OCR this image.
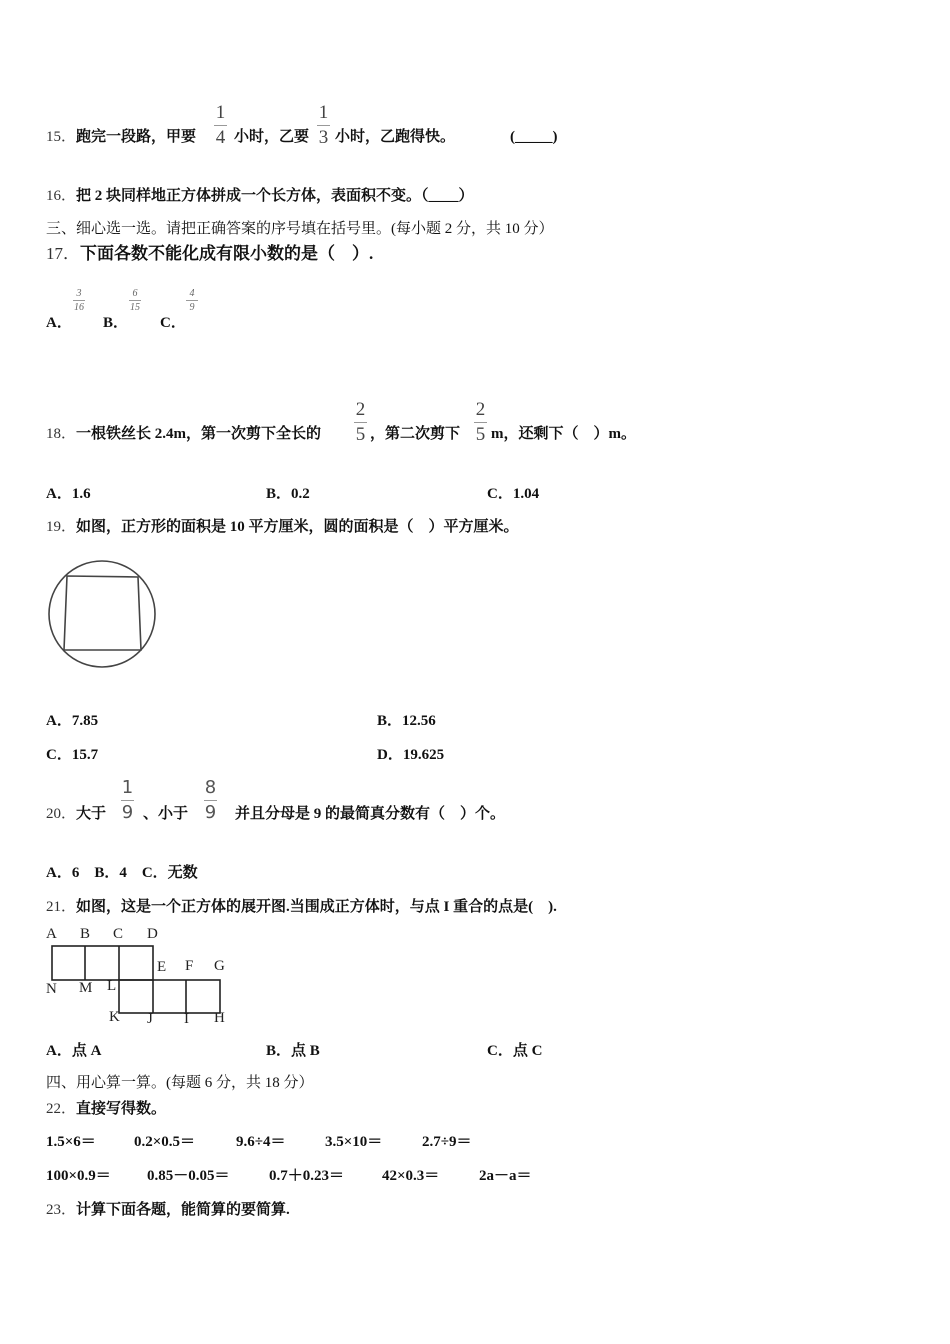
15．跑完一段路，甲要
1
4 小时，乙要
1
3 小时，乙跑得快。	(_____)
16．把 2 块同样地正方体拼成一个长方体，表面积不变。（____）
三、细心选一选。请把正确答案的序号填在括号里。(每小题 2 分，共 10 分）
17．下面各数不能化成有限小数的是（　）.
A．
3
16
B．
6
15
C．
4
9
18．一根铁丝长 2.4m，第一次剪下全长的
2
5 ，第二次剪下
2
5 m，还剩下（　）m。
A．1.6	B．0.2	C．1.04
19．如图，正方形的面积是 10 平方厘米，圆的面积是（　）平方厘米。
A．7.85	B．12.56
C．15.7	D．19.625
20．大于
1
9 、小于
8
9 并且分母是 9 的最简真分数有（　）个。
A．6　B．4　C．无数
21．如图，这是一个正方体的展开图.当围成正方体时，与点 I 重合的点是(　).
A B C D
E F G
H
I
J
K
L
M
N
A．点 A	B．点 B	C．点 C
四、用心算一算。(每题 6 分，共 18 分）
22．直接写得数。
1.5×6＝	0.2×0.5＝	9.6÷4＝	3.5×10＝	2.7÷9＝
100×0.9＝ 0.85－0.05＝	0.7＋0.23＝	42×0.3＝	2a－a＝
23．计算下面各题，能简算的要简算.
